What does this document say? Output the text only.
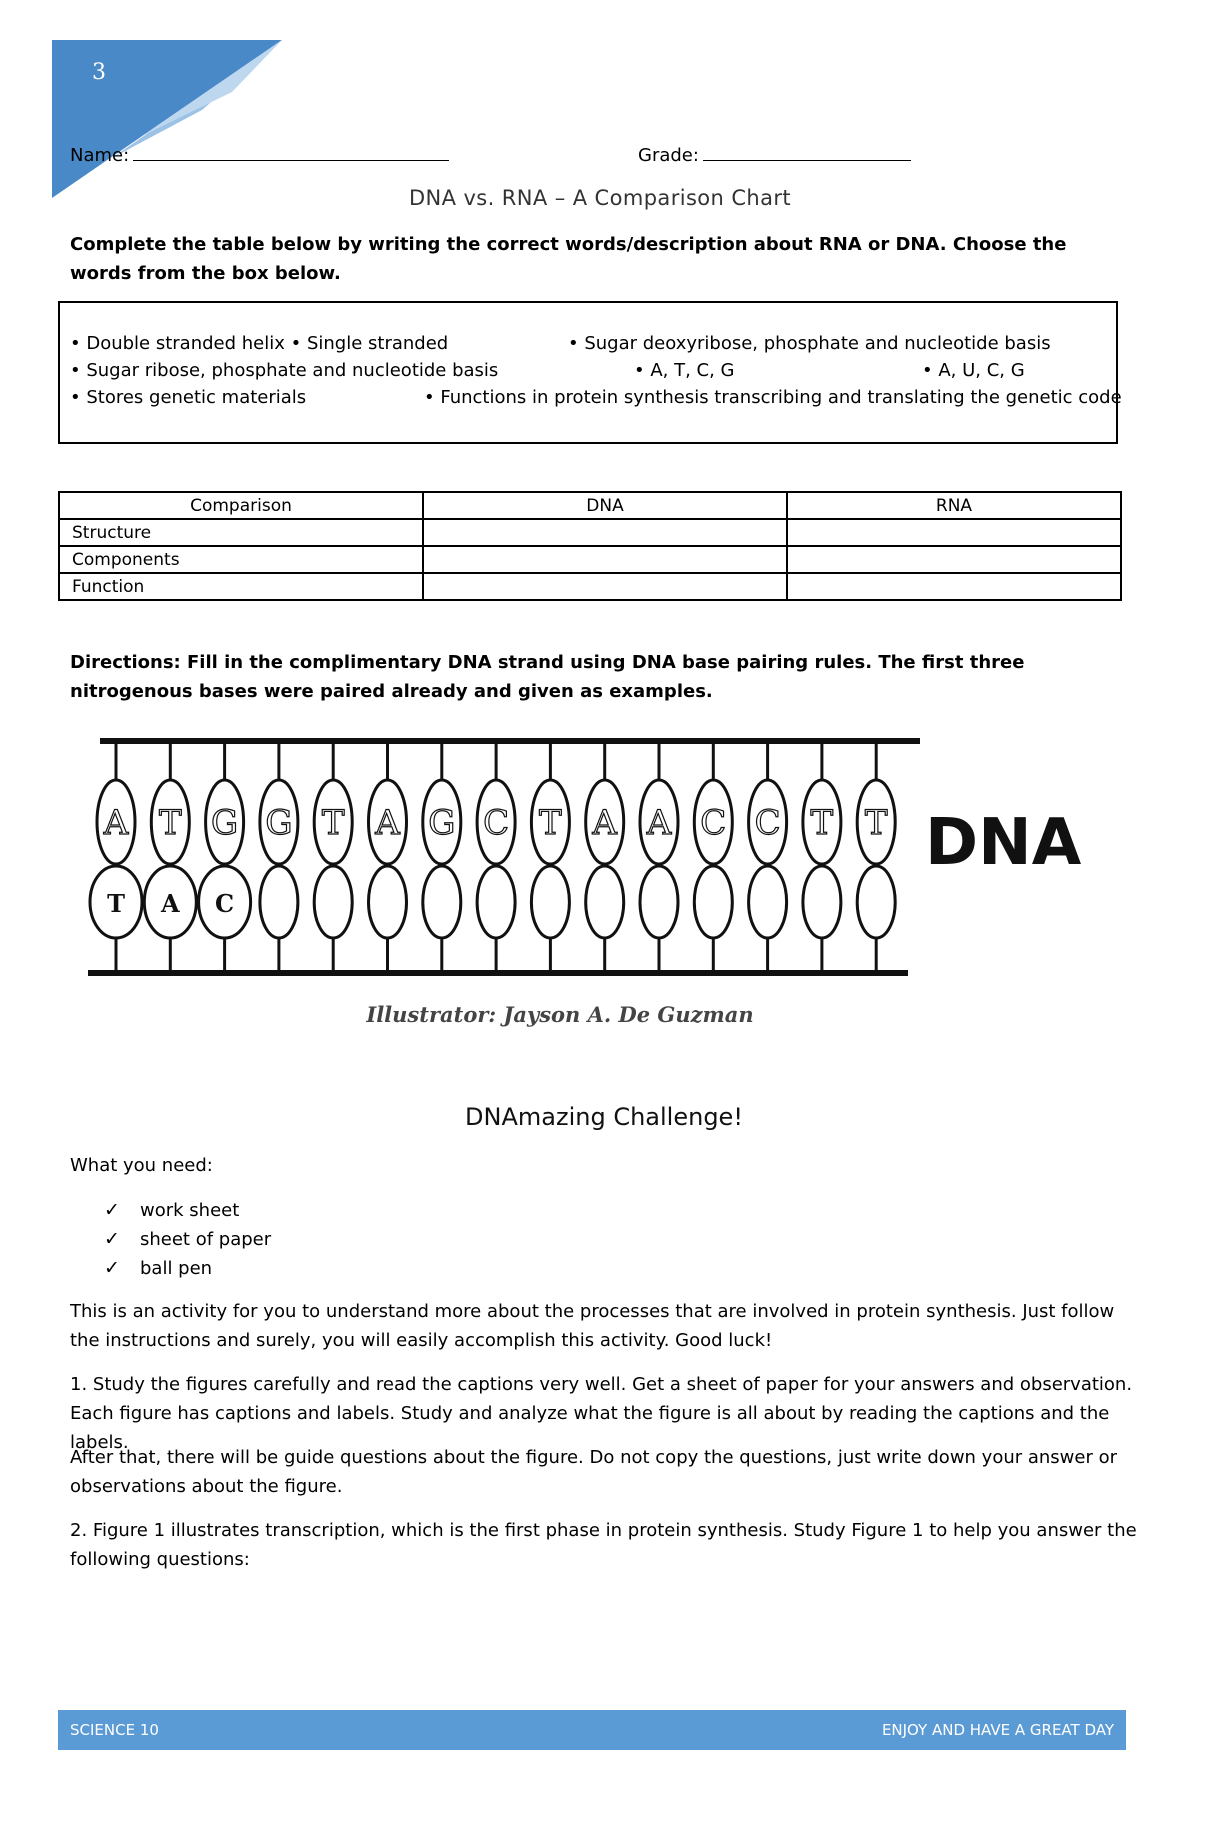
3
Name:	Grade:
DNA vs. RNA – A Comparison Chart
Complete the table below by writing the correct words/description about RNA or DNA. Choose the words from the box below.
• Double stranded helix • Single stranded	• Sugar deoxyribose, phosphate and nucleotide basis
• Sugar ribose, phosphate and nucleotide basis	• A, T, C, G	• A, U, C, G
• Stores genetic materials	• Functions in protein synthesis transcribing and translating the genetic code
Comparison	DNA	RNA
Structure		
Components		
Function		
Directions: Fill in the complimentary DNA strand using DNA base pairing rules. The first three nitrogenous bases were paired already and given as examples.
A
T
T
A
G
C
G T A G C T A A C C T T DNA
Illustrator: Jayson A. De Guzman
DNAmazing Challenge!
What you need:
✓ work sheet
✓ sheet of paper
✓ ball pen
This is an activity for you to understand more about the processes that are involved in protein synthesis. Just follow the instructions and surely, you will easily accomplish this activity. Good luck!
1. Study the figures carefully and read the captions very well. Get a sheet of paper for your answers and observation. Each figure has captions and labels. Study and analyze what the figure is all about by reading the captions and the labels.
After that, there will be guide questions about the figure. Do not copy the questions, just write down your answer or observations about the figure.
2. Figure 1 illustrates transcription, which is the first phase in protein synthesis. Study Figure 1 to help you answer the following questions:
SCIENCE 10	ENJOY AND HAVE A GREAT DAY
